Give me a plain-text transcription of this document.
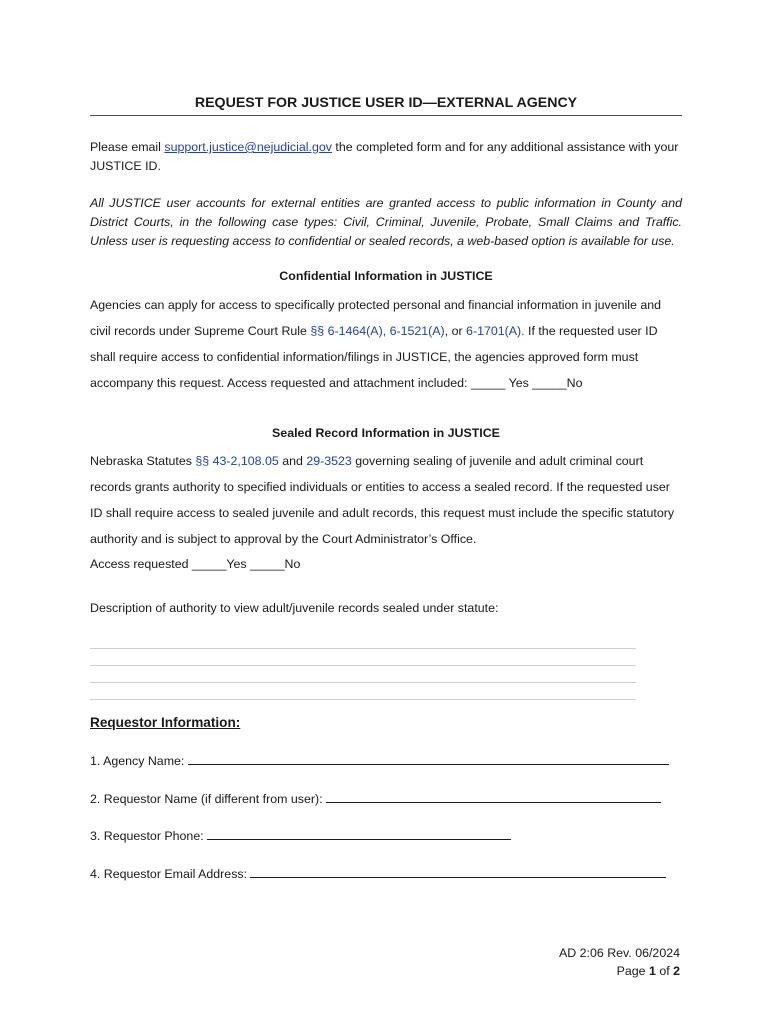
REQUEST FOR JUSTICE USER ID—EXTERNAL AGENCY
Please email support.justice@nejudicial.gov the completed form and for any additional assistance with your JUSTICE ID.
All JUSTICE user accounts for external entities are granted access to public information in County and District Courts, in the following case types: Civil, Criminal, Juvenile, Probate, Small Claims and Traffic. Unless user is requesting access to confidential or sealed records, a web-based option is available for use.
Confidential Information in JUSTICE
Agencies can apply for access to specifically protected personal and financial information in juvenile and civil records under Supreme Court Rule §§ 6-1464(A), 6-1521(A), or 6-1701(A). If the requested user ID shall require access to confidential information/filings in JUSTICE, the agencies approved form must accompany this request. Access requested and attachment included: _____ Yes _____No
Sealed Record Information in JUSTICE
Nebraska Statutes §§ 43-2,108.05 and 29-3523 governing sealing of juvenile and adult criminal court records grants authority to specified individuals or entities to access a sealed record. If the requested user ID shall require access to sealed juvenile and adult records, this request must include the specific statutory authority and is subject to approval by the Court Administrator’s Office.
Access requested _____Yes _____No
Description of authority to view adult/juvenile records sealed under statute:
Requestor Information:
1. Agency Name:
2. Requestor Name (if different from user):
3. Requestor Phone:
4. Requestor Email Address:
AD 2:06 Rev. 06/2024
Page 1 of 2
